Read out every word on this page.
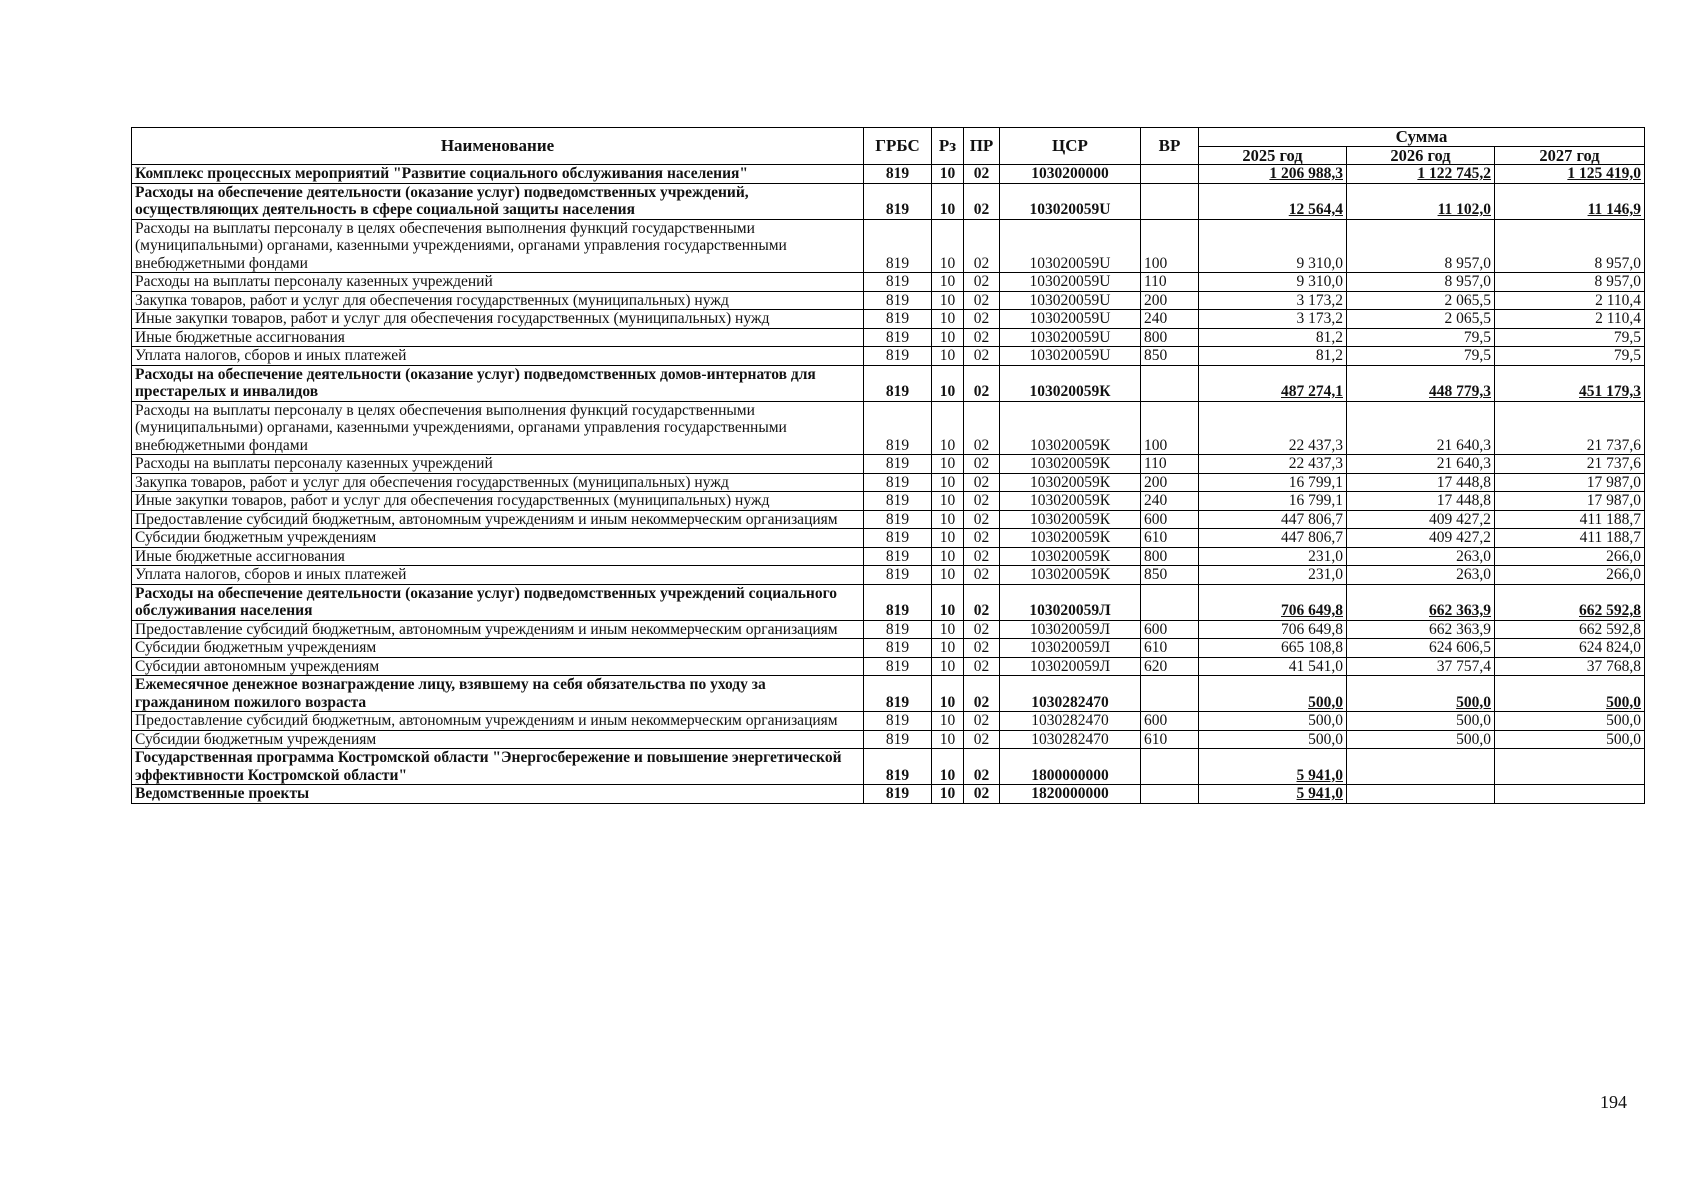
Наименование	ГРБС	Рз	ПР	ЦСР	ВР	Сумма		
						2025 год	2026 год	2027 год
Комплекс процессных мероприятий "Развитие социального обслуживания населения"	819	10	02	1030200000		1 206 988,3	1 122 745,2	1 125 419,0
Расходы на обеспечение деятельности (оказание услуг) подведомственных учреждений, осуществляющих деятельность в сфере социальной защиты населения	819	10	02	103020059U		12 564,4	11 102,0	11 146,9
Расходы на выплаты персоналу в целях обеспечения выполнения функций государственными (муниципальными) органами, казенными учреждениями, органами управления государственными внебюджетными фондами	819	10	02	103020059U	100	9 310,0	8 957,0	8 957,0
Расходы на выплаты персоналу казенных учреждений	819	10	02	103020059U	110	9 310,0	8 957,0	8 957,0
Закупка товаров, работ и услуг для обеспечения государственных (муниципальных) нужд	819	10	02	103020059U	200	3 173,2	2 065,5	2 110,4
Иные закупки товаров, работ и услуг для обеспечения государственных (муниципальных) нужд	819	10	02	103020059U	240	3 173,2	2 065,5	2 110,4
Иные бюджетные ассигнования	819	10	02	103020059U	800	81,2	79,5	79,5
Уплата налогов, сборов и иных платежей	819	10	02	103020059U	850	81,2	79,5	79,5
Расходы на обеспечение деятельности (оказание услуг) подведомственных домов-интернатов для престарелых и инвалидов	819	10	02	103020059К		487 274,1	448 779,3	451 179,3
Расходы на выплаты персоналу в целях обеспечения выполнения функций государственными (муниципальными) органами, казенными учреждениями, органами управления государственными внебюджетными фондами	819	10	02	103020059К	100	22 437,3	21 640,3	21 737,6
Расходы на выплаты персоналу казенных учреждений	819	10	02	103020059К	110	22 437,3	21 640,3	21 737,6
Закупка товаров, работ и услуг для обеспечения государственных (муниципальных) нужд	819	10	02	103020059К	200	16 799,1	17 448,8	17 987,0
Иные закупки товаров, работ и услуг для обеспечения государственных (муниципальных) нужд	819	10	02	103020059К	240	16 799,1	17 448,8	17 987,0
Предоставление субсидий бюджетным, автономным учреждениям и иным некоммерческим организациям	819	10	02	103020059К	600	447 806,7	409 427,2	411 188,7
Субсидии бюджетным учреждениям	819	10	02	103020059К	610	447 806,7	409 427,2	411 188,7
Иные бюджетные ассигнования	819	10	02	103020059К	800	231,0	263,0	266,0
Уплата налогов, сборов и иных платежей	819	10	02	103020059К	850	231,0	263,0	266,0
Расходы на обеспечение деятельности (оказание услуг) подведомственных учреждений социального обслуживания населения	819	10	02	103020059Л		706 649,8	662 363,9	662 592,8
Предоставление субсидий бюджетным, автономным учреждениям и иным некоммерческим организациям	819	10	02	103020059Л	600	706 649,8	662 363,9	662 592,8
Субсидии бюджетным учреждениям	819	10	02	103020059Л	610	665 108,8	624 606,5	624 824,0
Субсидии автономным учреждениям	819	10	02	103020059Л	620	41 541,0	37 757,4	37 768,8
Ежемесячное денежное вознаграждение лицу, взявшему на себя обязательства по уходу за гражданином пожилого возраста	819	10	02	1030282470		500,0	500,0	500,0
Предоставление субсидий бюджетным, автономным учреждениям и иным некоммерческим организациям	819	10	02	1030282470	600	500,0	500,0	500,0
Субсидии бюджетным учреждениям	819	10	02	1030282470	610	500,0	500,0	500,0
Государственная программа Костромской области "Энергосбережение и повышение энергетической эффективности Костромской области"	819	10	02	1800000000		5 941,0		
Ведомственные проекты	819	10	02	1820000000		5 941,0		
194
